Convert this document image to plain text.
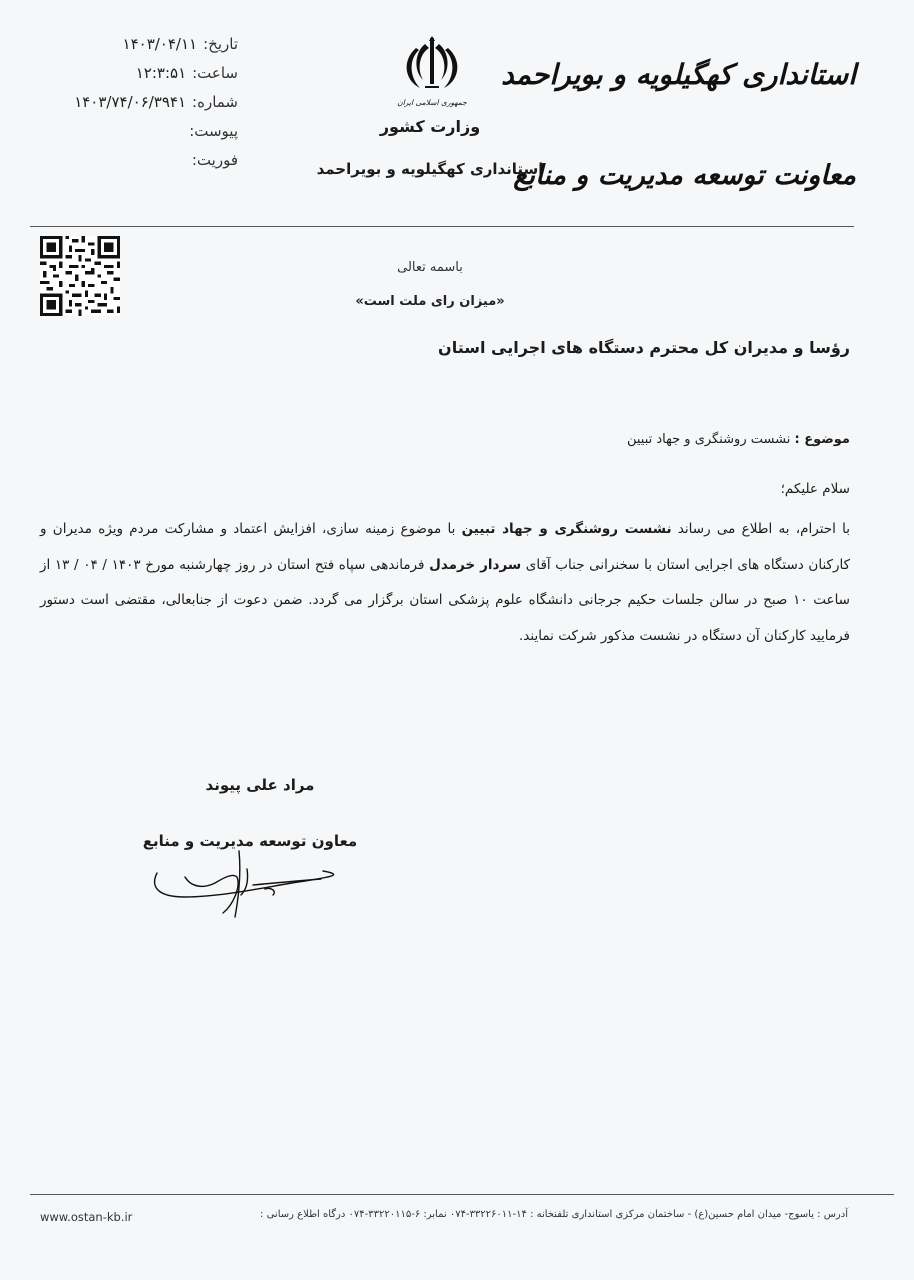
تاریخ:
۱۴۰۳/۰۴/۱۱
ساعت:
۱۲:۳:۵۱
شماره:
۱۴۰۳/۷۴/۰۶/۳۹۴۱
پیوست:
فوریت:
جمهوری اسلامی ایران
وزارت کشور
استانداری کهگیلویه و بویراحمد
استانداری کهگیلویه و بویراحمد
معاونت توسعه مدیریت و منابع
باسمه تعالی
«میزان رای ملت است»
رؤسا و مدیران کل محترم دستگاه های اجرایی استان
موضوع : نشست روشنگری و جهاد تبیین
سلام علیکم؛
با احترام، به اطلاع می رساند نشست روشنگری و جهاد تبیین با موضوع زمینه سازی، افزایش اعتماد و مشارکت مردم ویژه مدیران و کارکنان دستگاه های اجرایی استان با سخنرانی جناب آقای سردار خرمدل فرماندهی سپاه فتح استان در روز چهارشنبه مورخ ۱۴۰۳ / ۰۴ / ۱۳ از ساعت ۱۰ صبح در سالن جلسات حکیم جرجانی دانشگاه علوم پزشکی استان برگزار می گردد. ضمن دعوت از جنابعالی، مقتضی است دستور فرمایید کارکنان آن دستگاه در نشست مذکور شرکت نمایند.
مراد علی پیوند
معاون توسعه مدیریت و منابع
آدرس : یاسوج- میدان امام حسین(ع) - ساختمان مرکزی استانداری تلفنخانه : ۱۴-۳۳۲۲۶۰۱۱-۰۷۴ نمابر: ۶-۳۳۲۲۰۱۱۵-۰۷۴ درگاه اطلاع رسانی :
www.ostan-kb.ir
